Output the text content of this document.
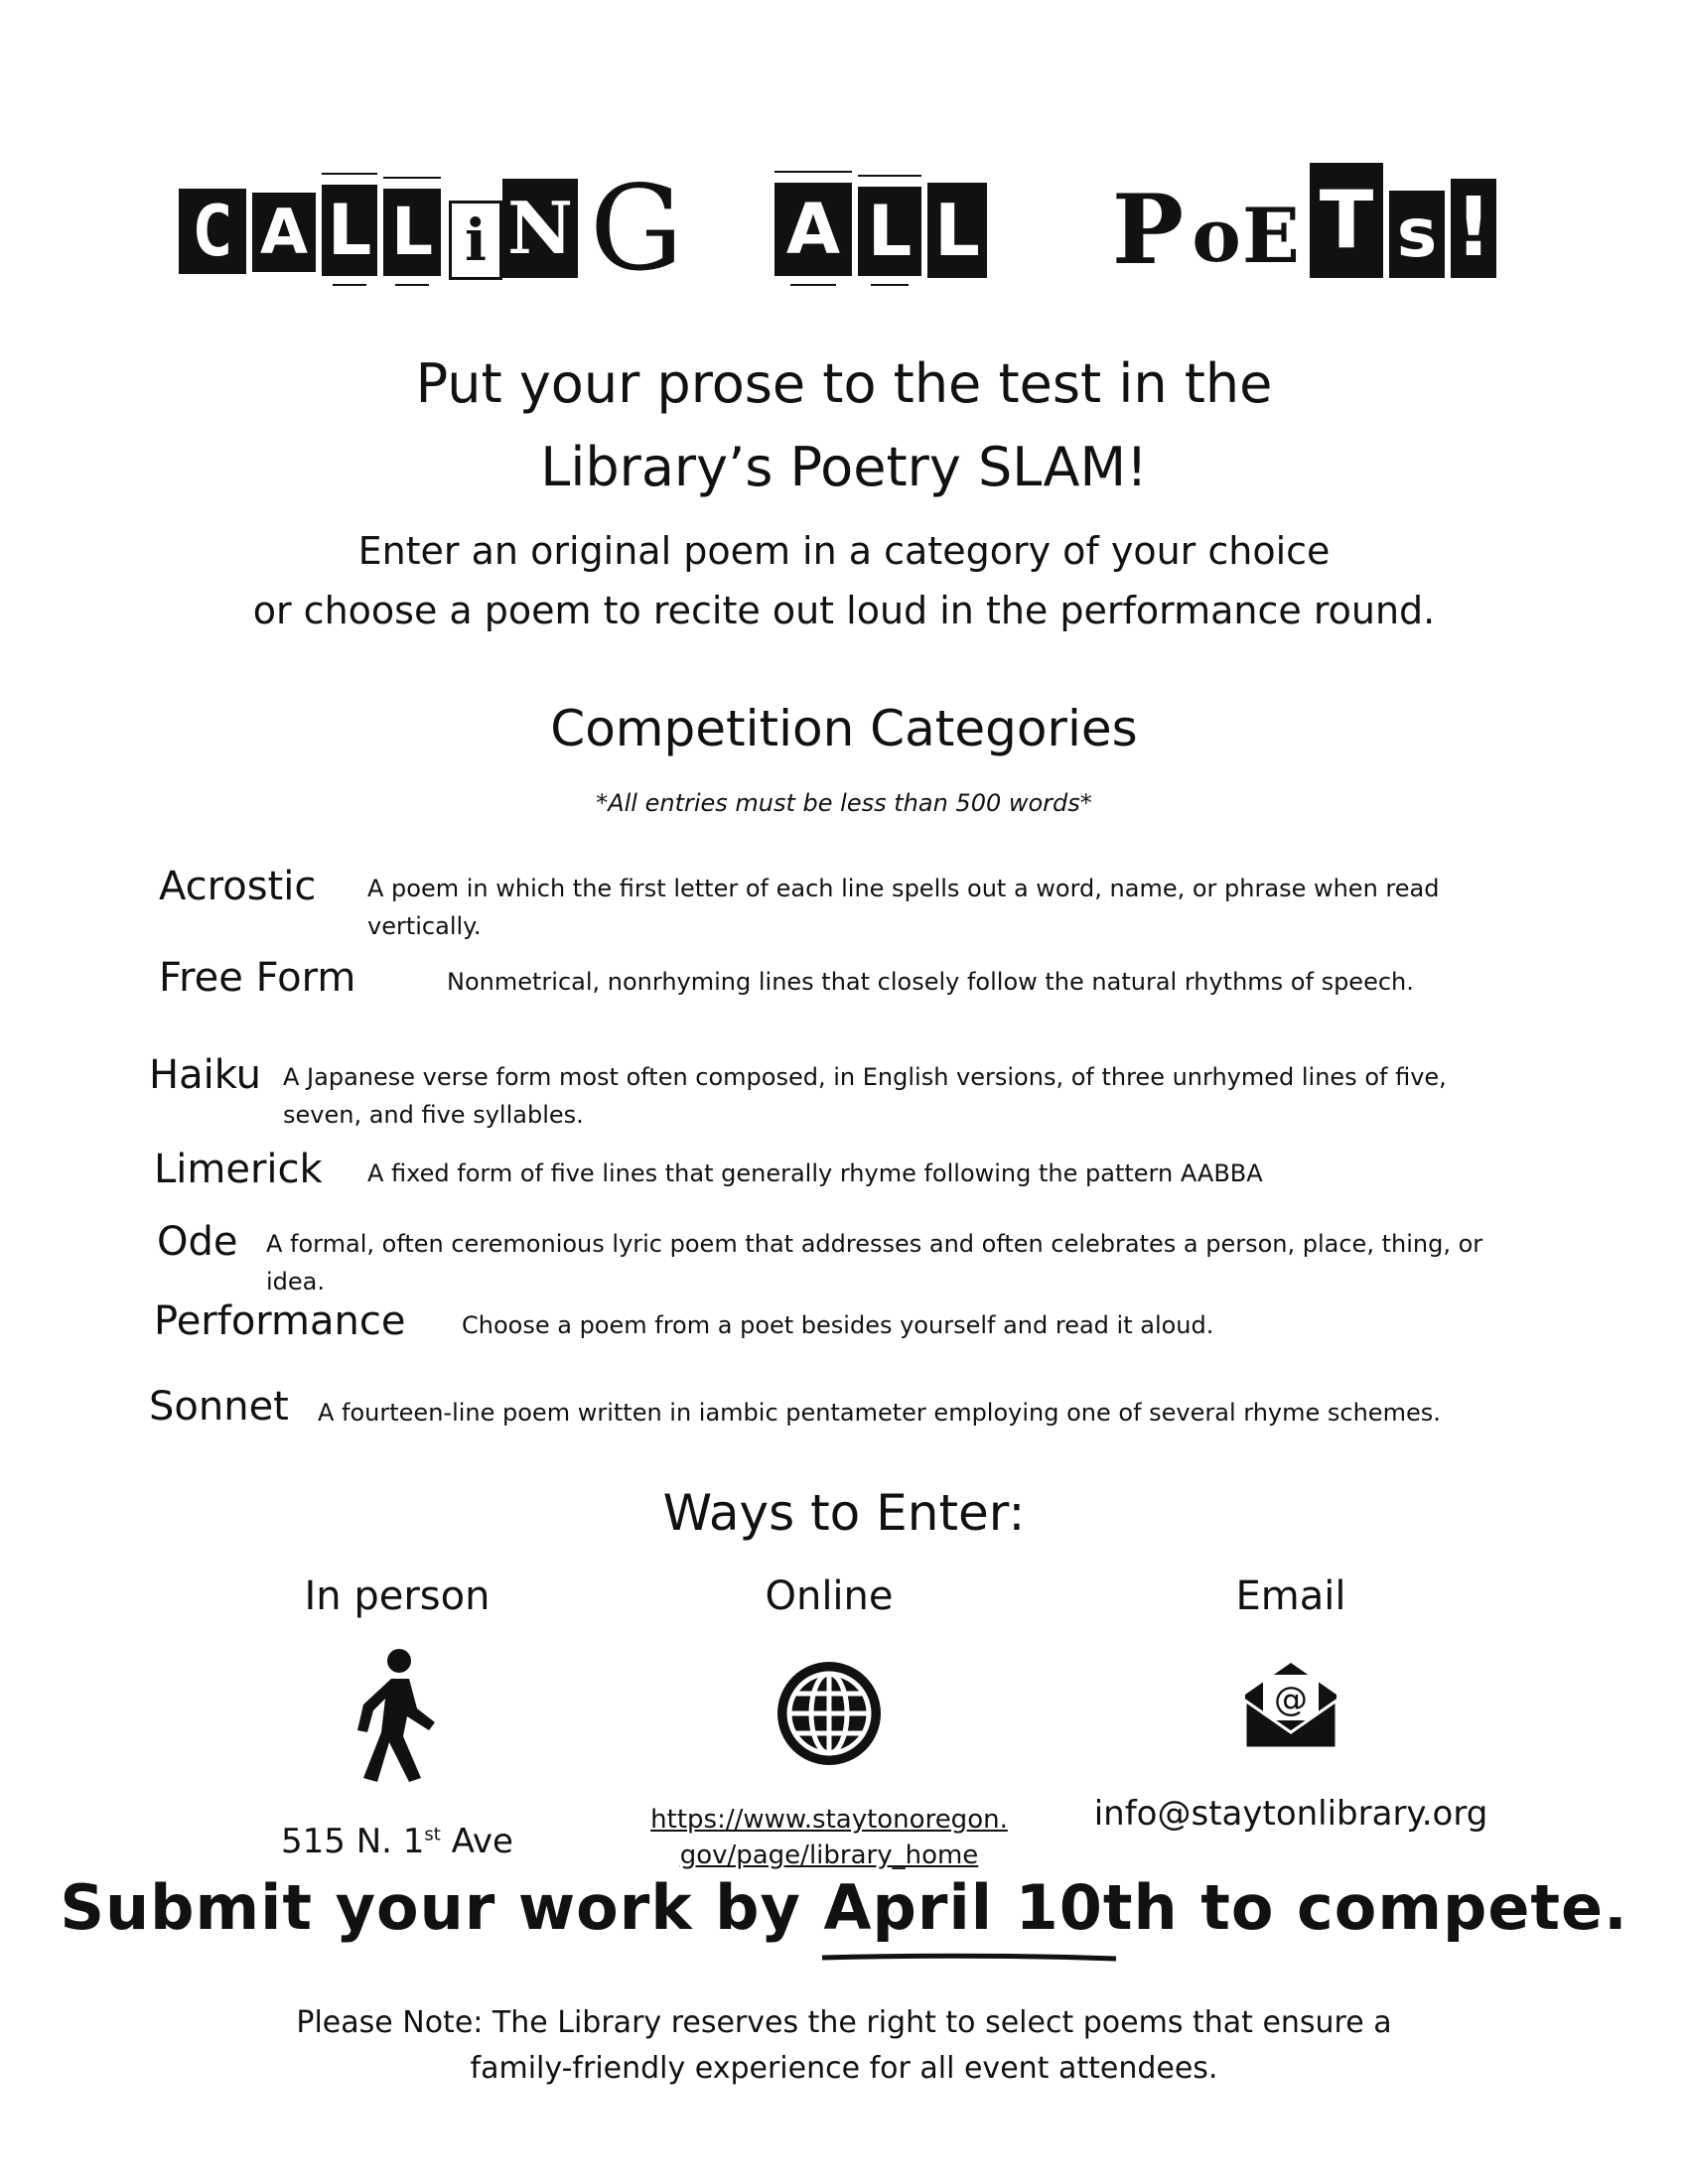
C A L L i N G A L L P o E T s !
Put your prose to the test in the
Library’s Poetry SLAM!
Enter an original poem in a category of your choice
or choose a poem to recite out loud in the performance round.
Competition Categories
*All entries must be less than 500 words*
Acrostic A poem in which the first letter of each line spells out a word, name, or phrase when read vertically.
Free Form	Nonmetrical, nonrhyming lines that closely follow the natural rhythms of speech.
Haiku A Japanese verse form most often composed, in English versions, of three unrhymed lines of five, seven, and five syllables.
Limerick A fixed form of five lines that generally rhyme following the pattern AABBA
Ode A formal, often ceremonious lyric poem that addresses and often celebrates a person, place, thing, or idea.
Performance Choose a poem from a poet besides yourself and read it aloud.
Sonnet A fourteen-line poem written in iambic pentameter employing one of several rhyme schemes.
Ways to Enter:
In person
515 N. 1st Ave
Online
https://www.staytonoregon.
gov/page/library_home
Email
@
info@staytonlibrary.org
Submit your work by April 10th
to compete.
Please Note: The Library reserves the right to select poems that ensure a
family-friendly experience for all event attendees.
